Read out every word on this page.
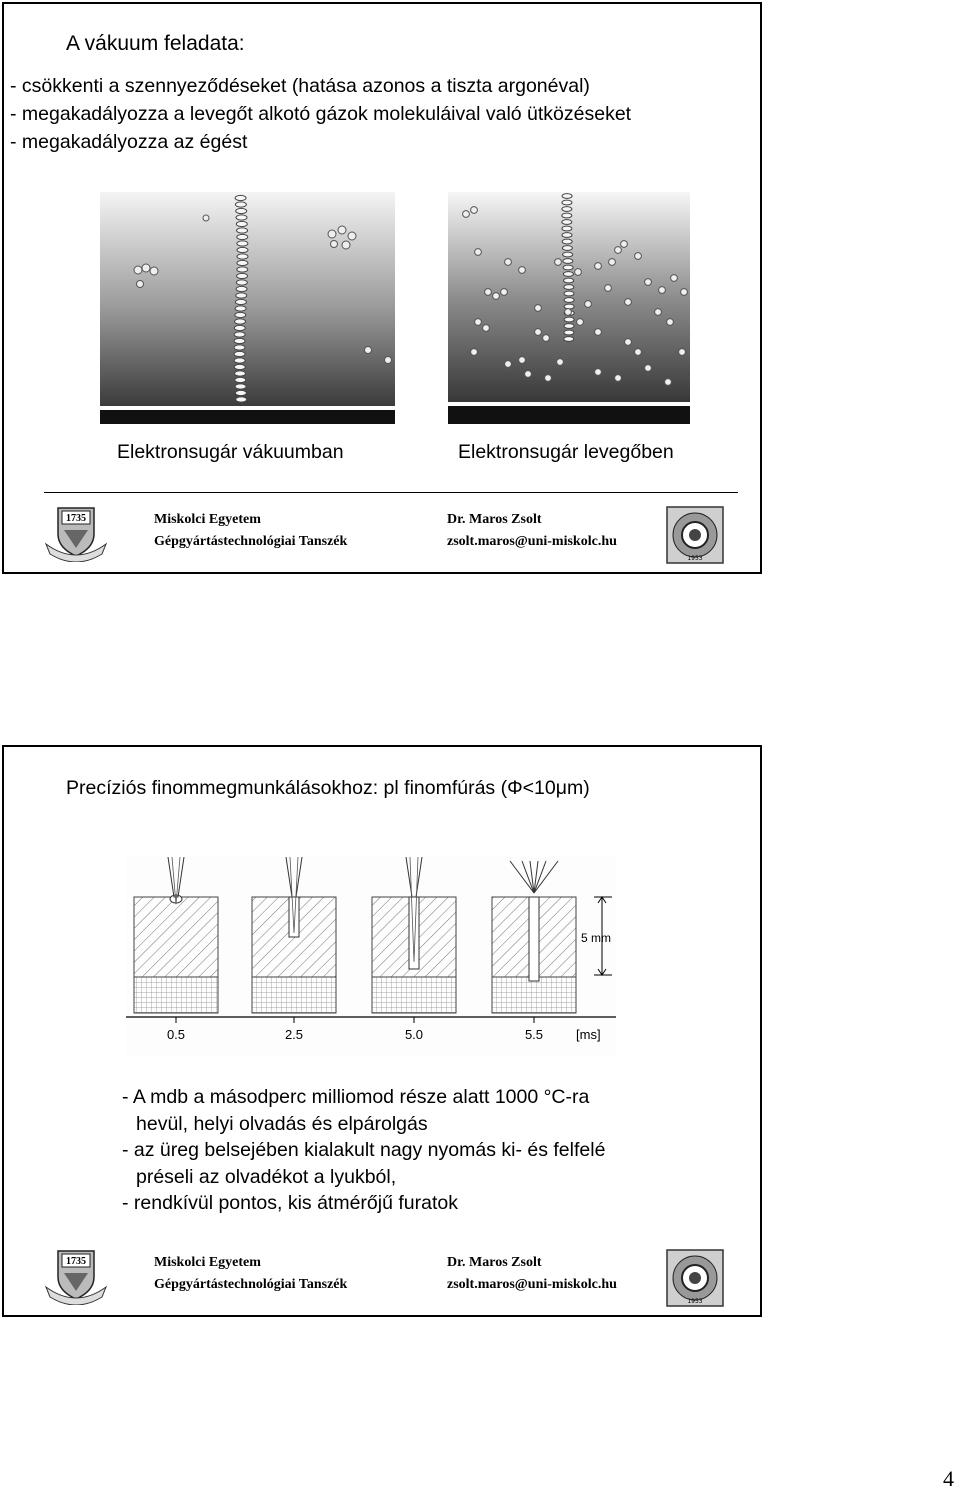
A vákuum feladata:
- csökkenti a szennyeződéseket (hatása azonos a tiszta argonéval)
- megakadályozza a levegőt alkotó gázok molekuláival való ütközéseket
- megakadályozza az égést
Elektronsugár vákuumban	Elektronsugár levegőben
1735	Miskolci Egyetem
Gépgyártástechnológiai Tanszék
Dr. Maros Zsolt
zsolt.maros@uni-miskolc.hu
1953
Precíziós finommegmunkálásokhoz: pl finomfúrás (Φ<10μm)
5 mm
0.5	2.5	5.0	5.5	[ms]
- A mdb a másodperc milliomod része alatt 1000 °C-ra
hevül, helyi olvadás és elpárolgás
- az üreg belsejében kialakult nagy nyomás ki- és felfelé
préseli az olvadékot a lyukból,
- rendkívül pontos, kis átmérőjű furatok
1735	Miskolci Egyetem
Gépgyártástechnológiai Tanszék
Dr. Maros Zsolt
zsolt.maros@uni-miskolc.hu
1953
4
